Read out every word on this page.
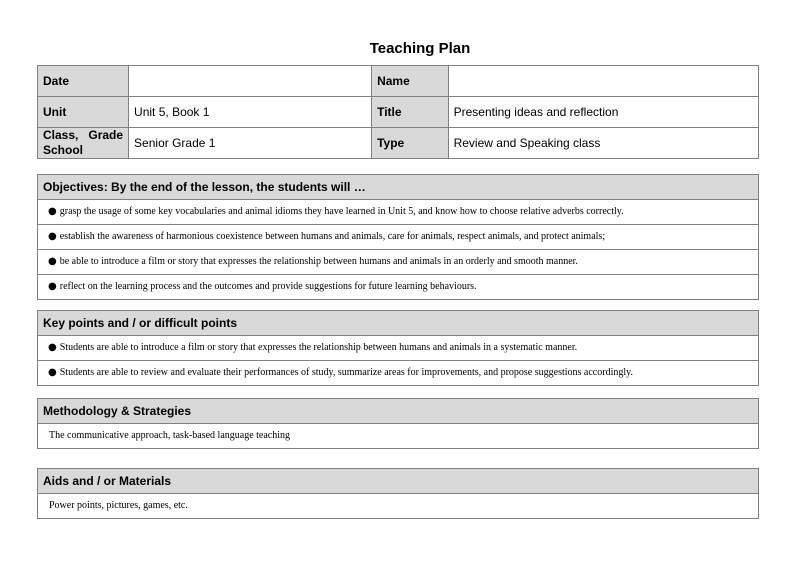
Teaching Plan
Date		Name	
Unit	Unit 5, Book 1	Title	Presenting ideas and reflection

Class,   Grade
School	Senior Grade 1	Type	Review and Speaking class
Objectives: By the end of the lesson, the students will …
● grasp the usage of some key vocabularies and animal idioms they have learned in Unit 5, and know how to choose relative adverbs correctly.
● establish the awareness of harmonious coexistence between humans and animals, care for animals, respect animals, and protect animals;
● be able to introduce a film or story that expresses the relationship between humans and animals in an orderly and smooth manner.
● reflect on the learning process and the outcomes and provide suggestions for future learning behaviours.
Key points and / or difficult points
● Students are able to introduce a film or story that expresses the relationship between humans and animals in a systematic manner.
● Students are able to review and evaluate their performances of study, summarize areas for improvements, and propose suggestions accordingly.
Methodology & Strategies
The communicative approach, task-based language teaching
Aids and / or Materials
Power points, pictures, games, etc.
